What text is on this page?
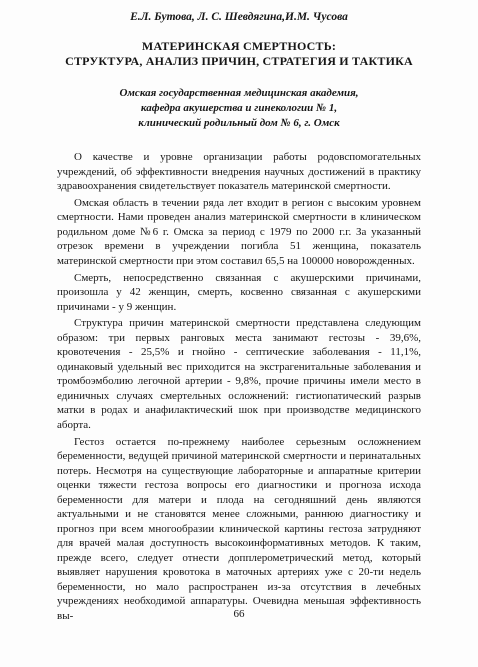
Е.Л. Бутова, Л. С. Шевдягина,И.М. Чусова
МАТЕРИНСКАЯ СМЕРТНОСТЬ:
СТРУКТУРА, АНАЛИЗ ПРИЧИН, СТРАТЕГИЯ И ТАКТИКА
Омская государственная медицинская академия,
кафедра акушерства и гинекологии № 1,
клинический родильный дом № 6, г. Омск

О качестве и уровне организации работы родовспомогательных учреждений, об эффективности внедрения научных достижений в практику здравоохранения свидетельствует показатель материнской смертности.

Омская область в течении ряда лет входит в регион с высоким уровнем смертности. Нами проведен анализ материнской смертности в клиническом родильном доме №6 г. Омска за период с 1979 по 2000 г.г. За указанный отрезок времени в учреждении погибла 51 женщина, показатель материнской смертности при этом составил 65,5 на 100000 новорожденных.

Смерть, непосредственно связанная с акушерскими причинами, произошла у 42 женщин, смерть, косвенно связанная с акушерскими причинами - у 9 женщин.

Структура причин материнской смертности представлена следующим образом: три первых ранговых места занимают гестозы - 39,6%, кровотечения - 25,5% и гнойно - септические заболевания - 11,1%, одинаковый удельный вес приходится на экстрагенитальные заболевания и тромбоэмболию легочной артерии - 9,8%, прочие причины имели место в единичных случаях смертельных осложнений: гистиопатический разрыв матки в родах и анафилактический шок при производстве медицинского аборта.

Гестоз остается по-прежнему наиболее серьезным осложнением беременности, ведущей причиной материнской смертности и перинатальных потерь. Несмотря на существующие лабораторные и аппаратные критерии оценки тяжести гестоза вопросы его диагностики и прогноза исхода беременности для матери и плода на сегодняшний день являются актуальными и не становятся менее сложными, раннюю диагностику и прогноз при всем многообразии клинической картины гестоза затрудняют для врачей малая доступность высокоинформативных методов. К таким, прежде всего, следует отнести допплерометрический метод, который выявляет нарушения кровотока в маточных артериях уже с 20-ти недель беременности, но мало распространен из-за отсутствия в лечебных учреждениях необходимой аппаратуры. Очевидна меньшая эффективность вы-	66
